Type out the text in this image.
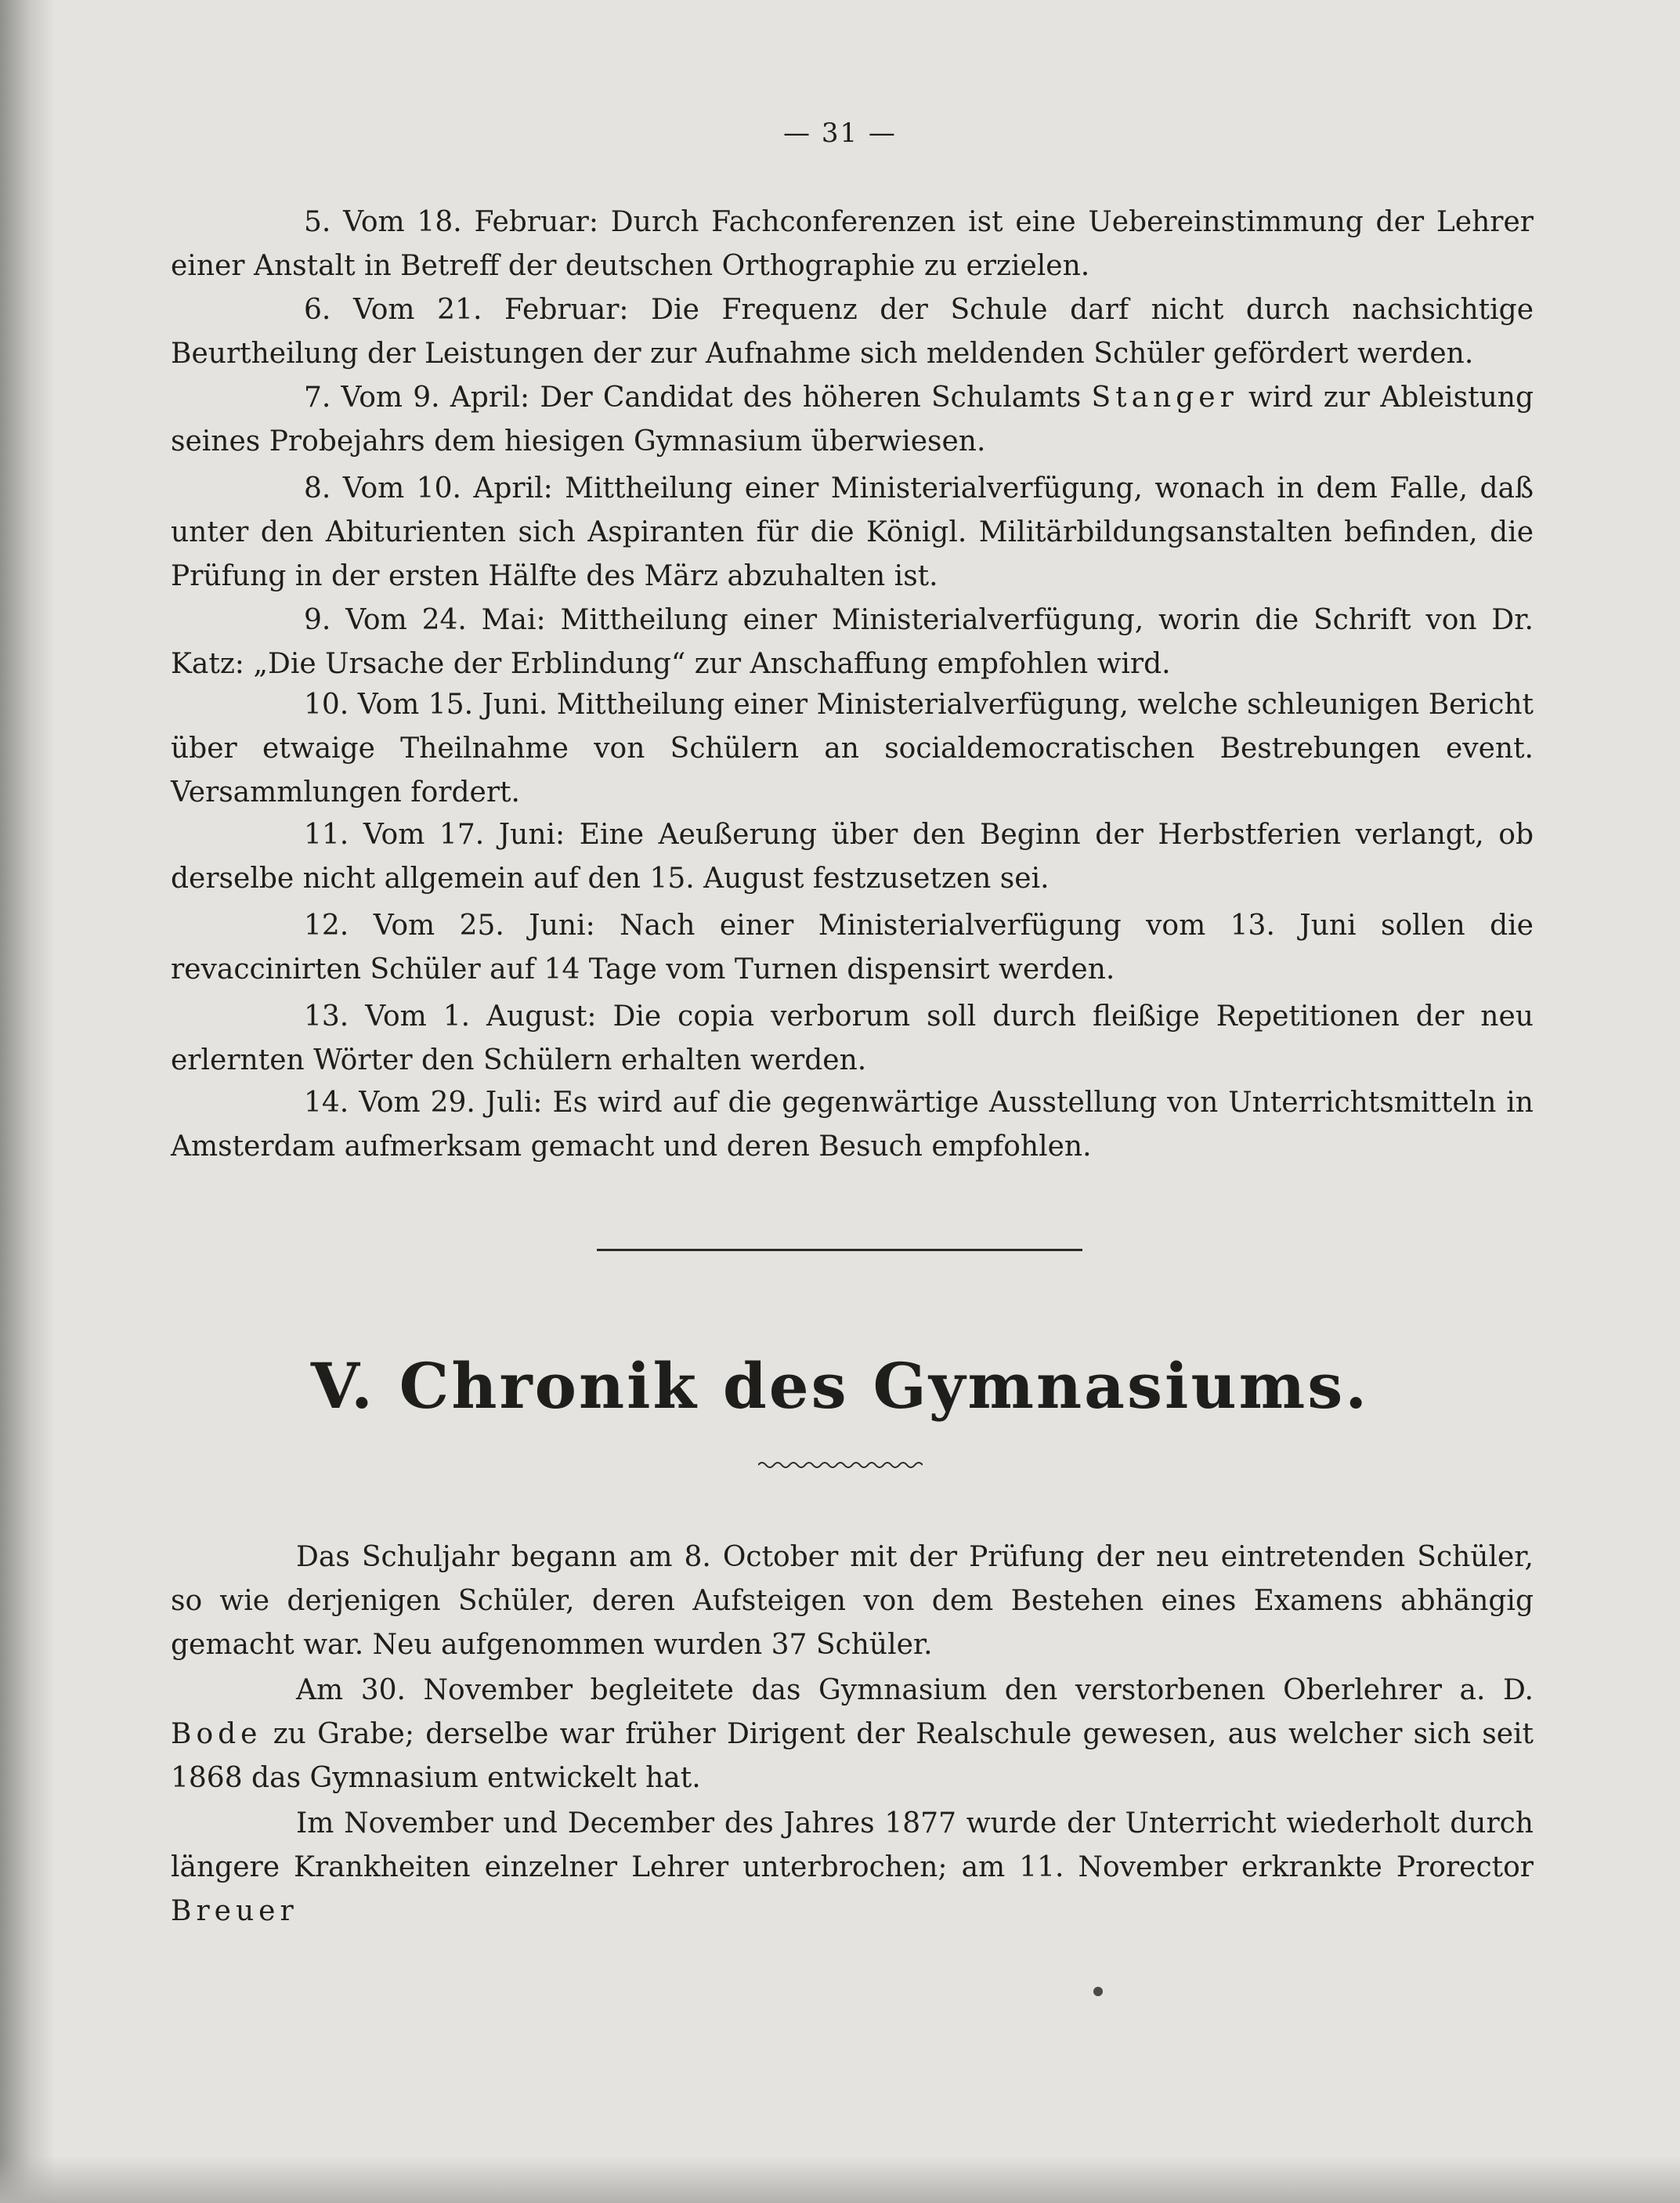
— 31 —

5. Vom 18. Februar: Durch Fachconferenzen ist eine Uebereinstimmung der Lehrer einer Anstalt in Betreff der deutschen Orthographie zu erzielen.

6. Vom 21. Februar: Die Frequenz der Schule darf nicht durch nachsichtige Beurtheilung der Leistungen der zur Aufnahme sich meldenden Schüler gefördert werden.

7. Vom 9. April: Der Candidat des höheren Schulamts Stanger wird zur Ableistung seines Probejahrs dem hiesigen Gymnasium überwiesen.

8. Vom 10. April: Mittheilung einer Ministerialverfügung, wonach in dem Falle, daß unter den Abiturienten sich Aspiranten für die Königl. Militärbildungsanstalten befinden, die Prüfung in der ersten Hälfte des März abzuhalten ist.

9. Vom 24. Mai: Mittheilung einer Ministerialverfügung, worin die Schrift von Dr. Katz: „Die Ursache der Erblindung“ zur Anschaffung empfohlen wird.

10. Vom 15. Juni. Mittheilung einer Ministerialverfügung, welche schleunigen Bericht über etwaige Theilnahme von Schülern an socialdemocratischen Bestrebungen event. Versammlungen fordert.

11. Vom 17. Juni: Eine Aeußerung über den Beginn der Herbstferien verlangt, ob derselbe nicht allgemein auf den 15. August festzusetzen sei.

12. Vom 25. Juni: Nach einer Ministerialverfügung vom 13. Juni sollen die revaccinirten Schüler auf 14 Tage vom Turnen dispensirt werden.

13. Vom 1. August: Die copia verborum soll durch fleißige Repetitionen der neu erlernten Wörter den Schülern erhalten werden.

14. Vom 29. Juli: Es wird auf die gegenwärtige Ausstellung von Unterrichtsmitteln in Amsterdam aufmerksam gemacht und deren Besuch empfohlen.

V. Chronik des Gymnasiums.

Das Schuljahr begann am 8. October mit der Prüfung der neu eintretenden Schüler, so wie derjenigen Schüler, deren Aufsteigen von dem Bestehen eines Examens abhängig gemacht war. Neu aufgenommen wurden 37 Schüler.

Am 30. November begleitete das Gymnasium den verstorbenen Oberlehrer a. D. Bode zu Grabe; derselbe war früher Dirigent der Realschule gewesen, aus welcher sich seit 1868 das Gymnasium entwickelt hat.

Im November und December des Jahres 1877 wurde der Unterricht wiederholt durch längere Krankheiten einzelner Lehrer unterbrochen; am 11. November erkrankte Prorector Breuer
